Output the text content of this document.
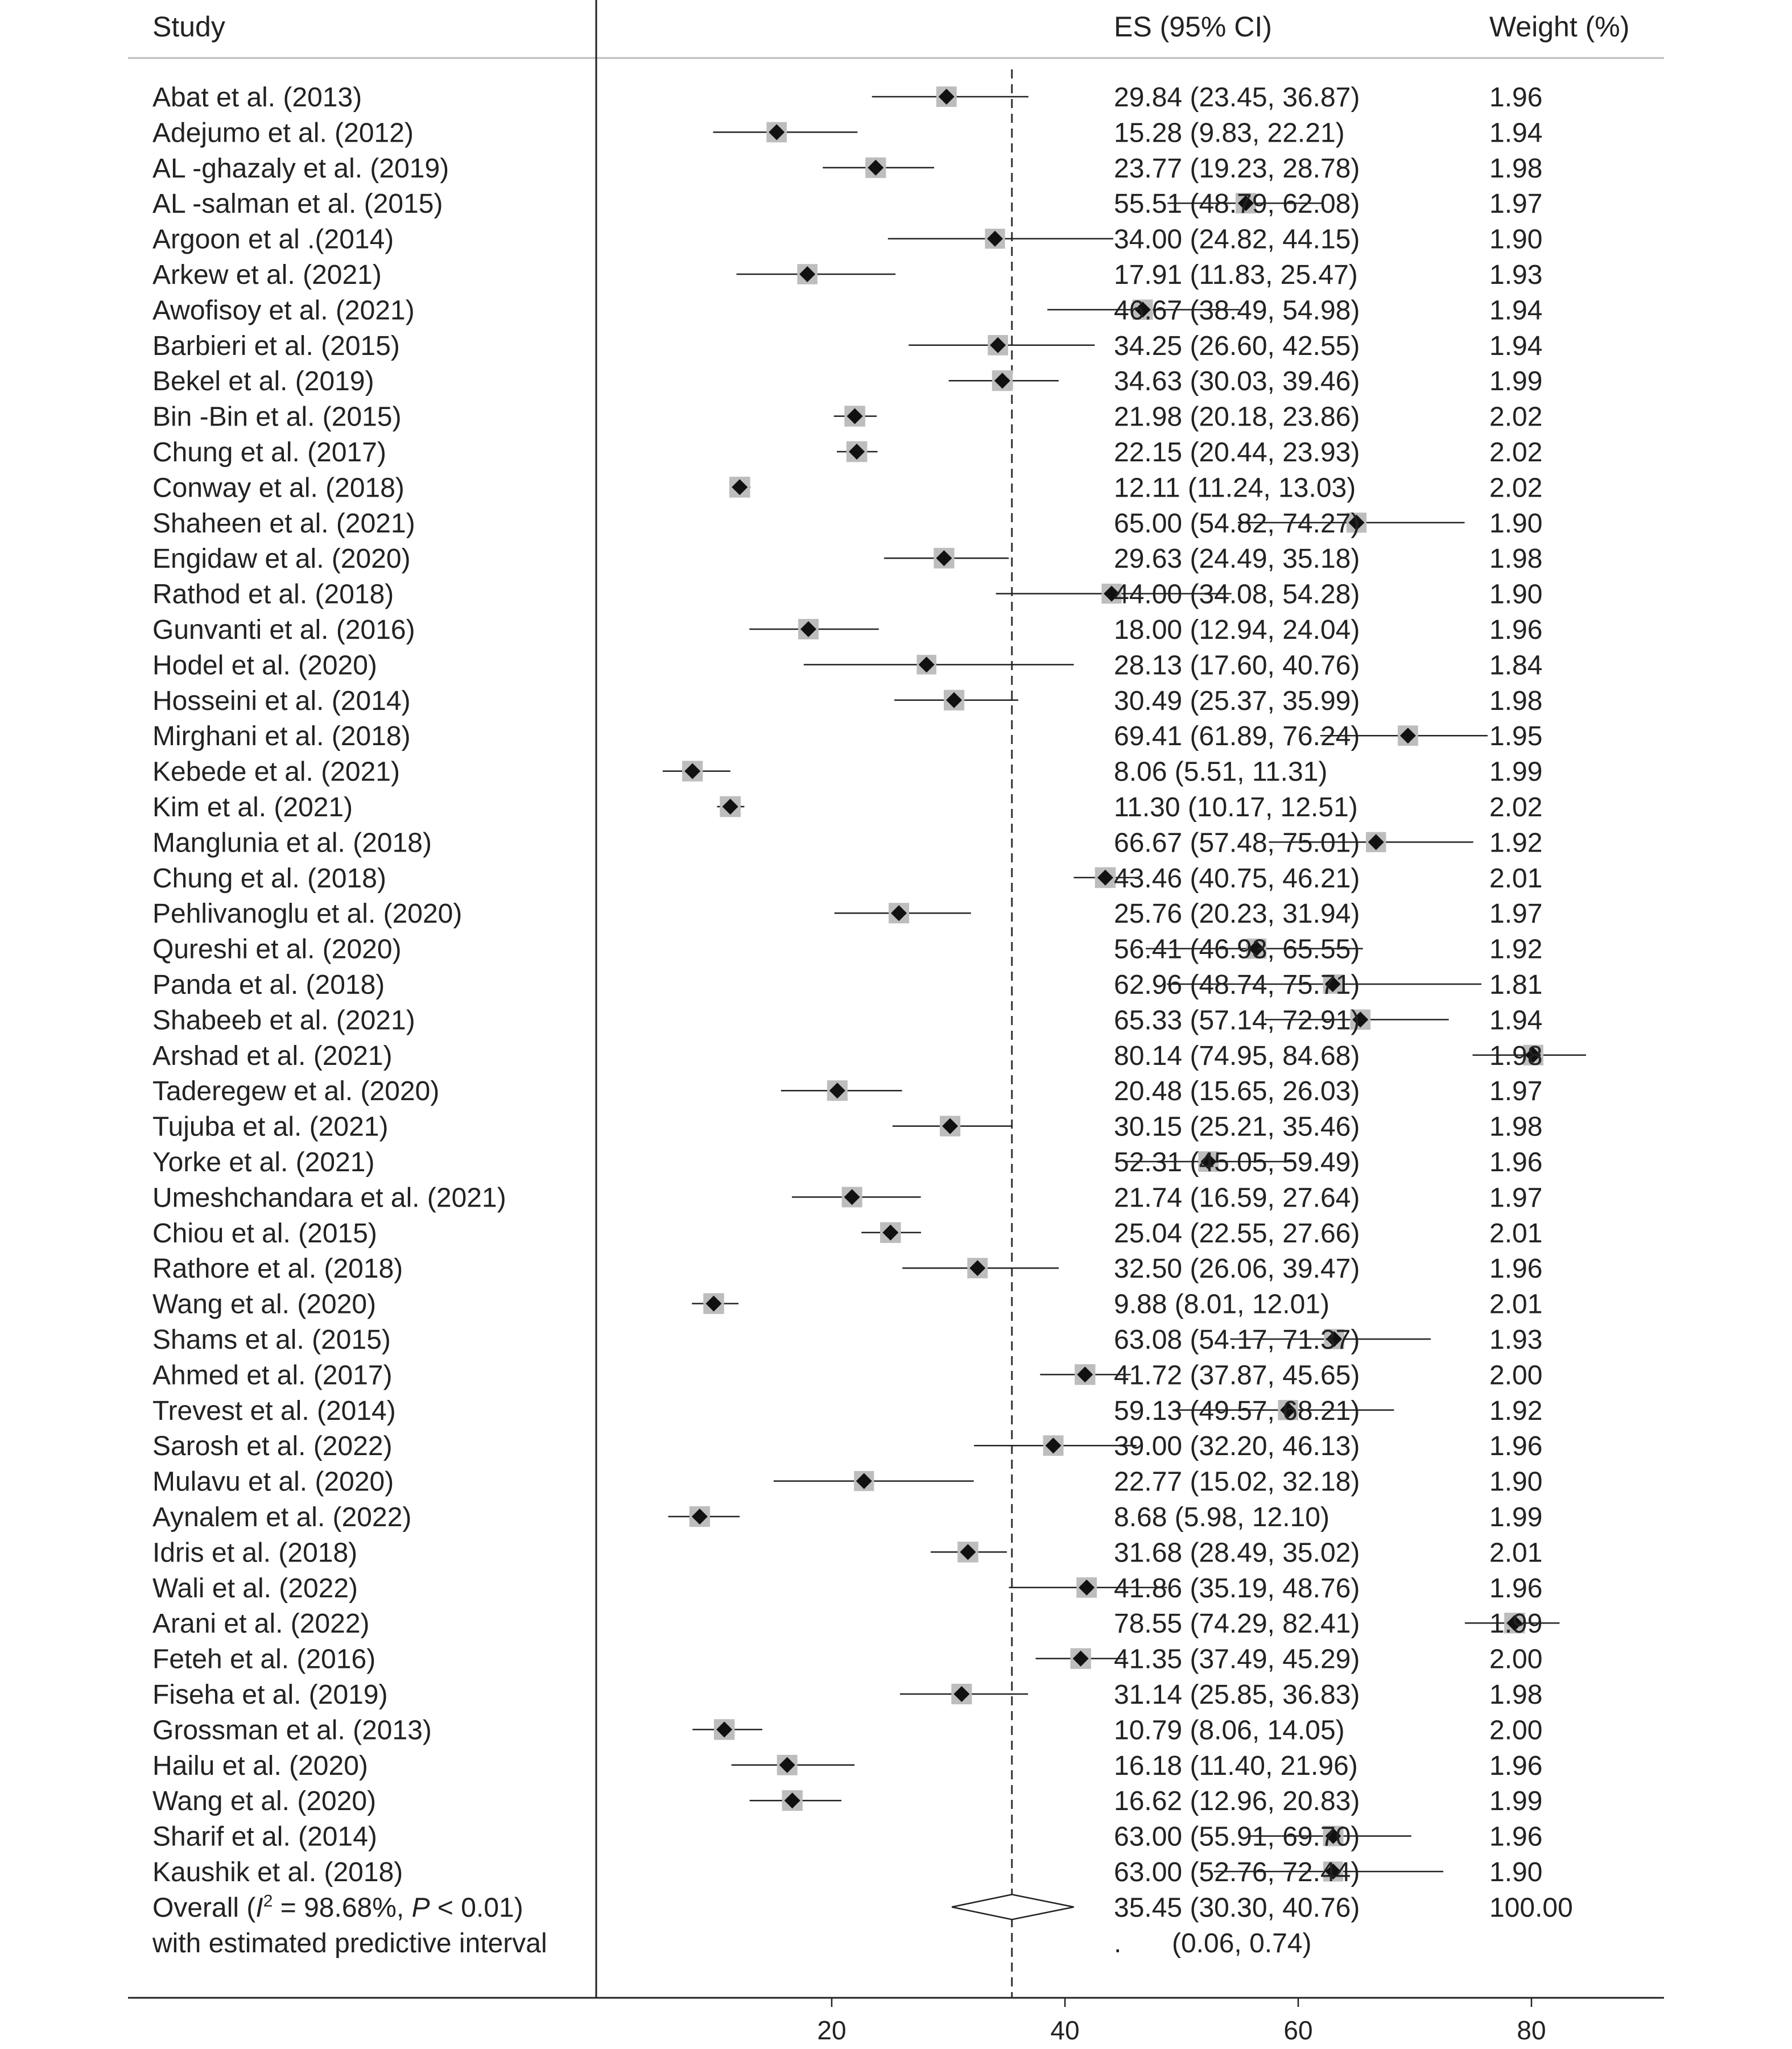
Study	ES (95% CI)	Weight (%)
Abat et al. (2013)	29.84 (23.45, 36.87)	1.96
Adejumo et al. (2012)	15.28 (9.83, 22.21)	1.94
AL -ghazaly et al. (2019)	23.77 (19.23, 28.78)	1.98
AL -salman et al. (2015)	55.51 (48.79, 62.08)	1.97
Argoon et al .(2014)	34.00 (24.82, 44.15)	1.90
Arkew et al. (2021)	17.91 (11.83, 25.47)	1.93
Awofisoy et al. (2021)	46.67 (38.49, 54.98)	1.94
Barbieri et al. (2015)	34.25 (26.60, 42.55)	1.94
Bekel et al. (2019)	34.63 (30.03, 39.46)	1.99
Bin -Bin et al. (2015)	21.98 (20.18, 23.86)	2.02
Chung et al. (2017)	22.15 (20.44, 23.93)	2.02
Conway et al. (2018)	12.11 (11.24, 13.03)	2.02
Shaheen et al. (2021)	65.00 (54.82, 74.27)	1.90
Engidaw et al. (2020)	29.63 (24.49, 35.18)	1.98
Rathod et al. (2018)	44.00 (34.08, 54.28)	1.90
Gunvanti et al. (2016)	18.00 (12.94, 24.04)	1.96
Hodel et al. (2020)	28.13 (17.60, 40.76)	1.84
Hosseini et al. (2014)	30.49 (25.37, 35.99)	1.98
Mirghani et al. (2018)	69.41 (61.89, 76.24)	1.95
Kebede et al. (2021)	8.06 (5.51, 11.31)	1.99
Kim et al. (2021)	11.30 (10.17, 12.51)	2.02
Manglunia et al. (2018)	66.67 (57.48, 75.01)	1.92
Chung et al. (2018)	43.46 (40.75, 46.21)	2.01
Pehlivanoglu et al. (2020)	25.76 (20.23, 31.94)	1.97
Qureshi et al. (2020)	56.41 (46.93, 65.55)	1.92
Panda et al. (2018)	62.96 (48.74, 75.71)	1.81
Shabeeb et al. (2021)	65.33 (57.14, 72.91)	1.94
Arshad et al. (2021)	80.14 (74.95, 84.68)	1.98
Taderegew et al. (2020)	20.48 (15.65, 26.03)	1.97
Tujuba et al. (2021)	30.15 (25.21, 35.46)	1.98
Yorke et al. (2021)	52.31 (45.05, 59.49)	1.96
Umeshchandara et al. (2021)	21.74 (16.59, 27.64)	1.97
Chiou et al. (2015)	25.04 (22.55, 27.66)	2.01
Rathore et al. (2018)	32.50 (26.06, 39.47)	1.96
Wang et al. (2020)	9.88 (8.01, 12.01)	2.01
Shams et al. (2015)	63.08 (54.17, 71.37)	1.93
Ahmed et al. (2017)	41.72 (37.87, 45.65)	2.00
Trevest et al. (2014)	59.13 (49.57, 68.21)	1.92
Sarosh et al. (2022)	39.00 (32.20, 46.13)	1.96
Mulavu et al. (2020)	22.77 (15.02, 32.18)	1.90
Aynalem et al. (2022)	8.68 (5.98, 12.10)	1.99
Idris et al. (2018)	31.68 (28.49, 35.02)	2.01
Wali et al. (2022)	41.86 (35.19, 48.76)	1.96
Arani et al. (2022)	78.55 (74.29, 82.41)	1.99
Feteh et al. (2016)	41.35 (37.49, 45.29)	2.00
Fiseha et al. (2019)	31.14 (25.85, 36.83)	1.98
Grossman et al. (2013)	10.79 (8.06, 14.05)	2.00
Hailu et al. (2020)	16.18 (11.40, 21.96)	1.96
Wang et al. (2020)	16.62 (12.96, 20.83)	1.99
Sharif et al. (2014)	63.00 (55.91, 69.70)	1.96
Kaushik et al. (2018)	63.00 (52.76, 72.44)	1.90
Overall ($I^2 = 98.68\%$, P < 0.01)	35.45 (30.30, 40.76)	100.00
with estimated predictive interval	. (0.06, 0.74)
20	40	60	80
